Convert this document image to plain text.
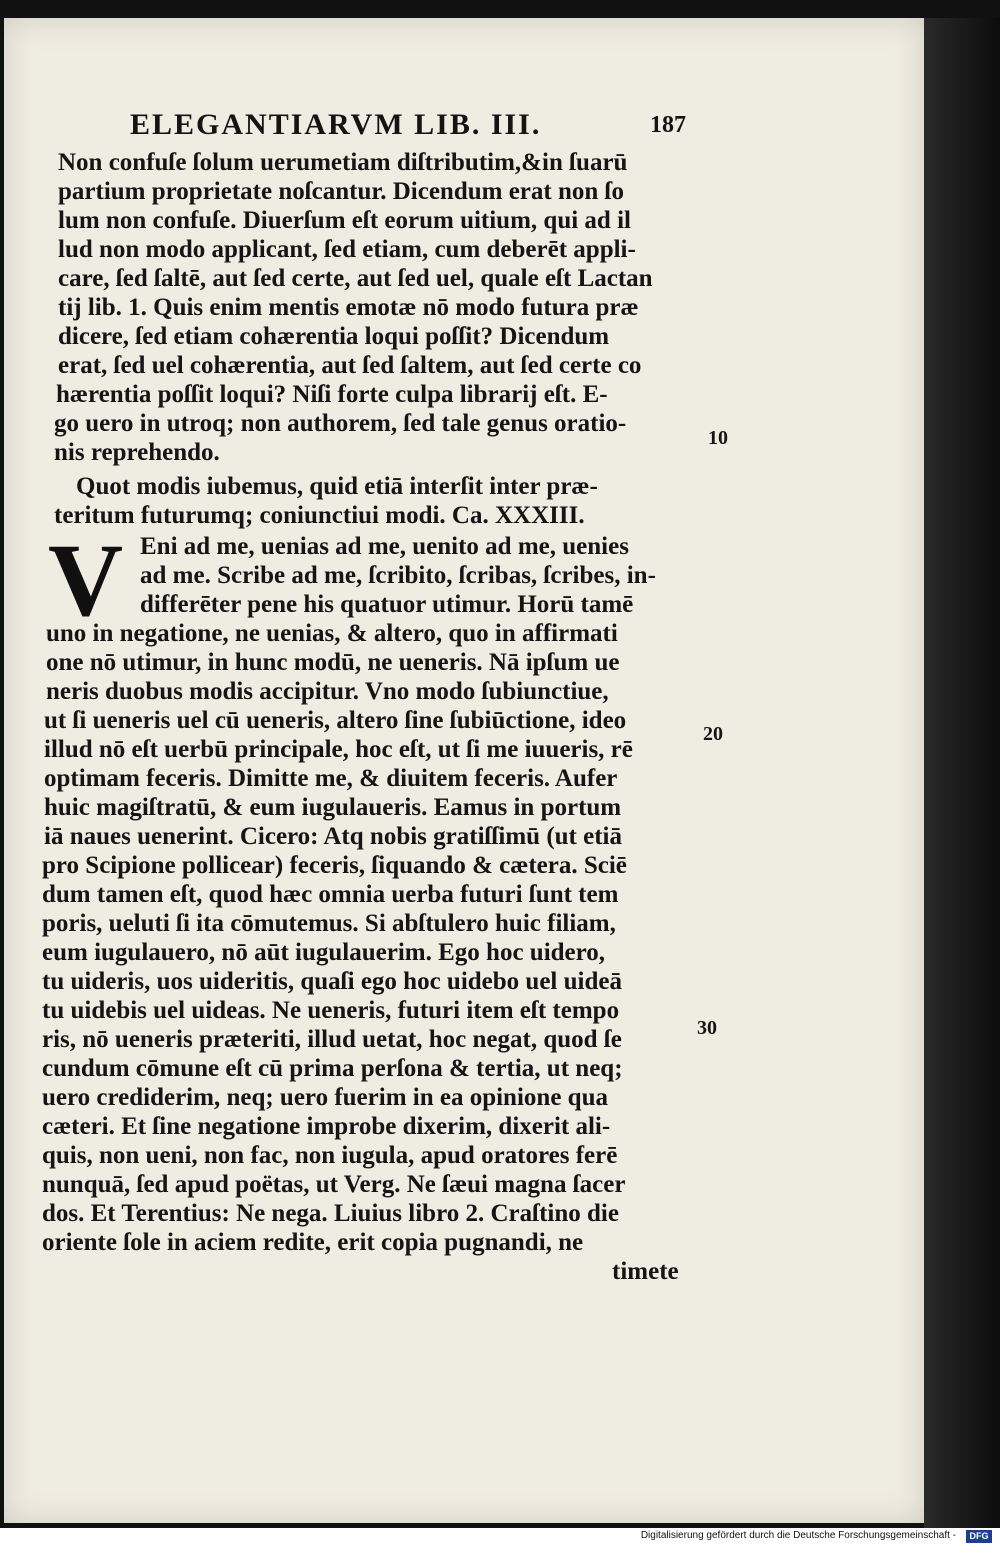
ELEGANTIARVM LIB. III.	187
Non confuſe ſolum uerumetiam diſtributim,&in ſuarū
partium proprietate noſcantur. Dicendum erat non ſo
lum non confuſe. Diuerſum eſt eorum uitium, qui ad il
lud non modo applicant, ſed etiam, cum deberēt appli-
care, ſed ſaltē, aut ſed certe, aut ſed uel, quale eſt Lactan
tij lib. 1. Quis enim mentis emotæ nō modo futura præ
dicere, ſed etiam cohærentia loqui poſſit? Dicendum
erat, ſed uel cohærentia, aut ſed ſaltem, aut ſed certe co
hærentia poſſit loqui? Niſi forte culpa librarij eſt. E-
go uero in utroq; non authorem, ſed tale genus oratio-
nis reprehendo.
Quot modis iubemus, quid etiā interſit inter præ-
teritum futurumq; coniunctiui modi. Ca. XXXIII.
Eni ad me, uenias ad me, uenito ad me, uenies
ad me. Scribe ad me, ſcribito, ſcribas, ſcribes, in-
differēter pene his quatuor utimur. Horū tamē
uno in negatione, ne uenias, & altero, quo in affirmati
one nō utimur, in hunc modū, ne ueneris. Nā ipſum ue
neris duobus modis accipitur. Vno modo ſubiunctiue,
ut ſi ueneris uel cū ueneris, altero ſine ſubiūctione, ideo
illud nō eſt uerbū principale, hoc eſt, ut ſi me iuueris, rē
optimam feceris. Dimitte me, & diuitem feceris. Aufer
huic magiſtratū, & eum iugulaueris. Eamus in portum
iā naues uenerint. Cicero: Atq nobis gratiſſimū (ut etiā
pro Scipione pollicear) feceris, ſiquando & cætera. Sciē
dum tamen eſt, quod hæc omnia uerba futuri ſunt tem
poris, ueluti ſi ita cōmutemus. Si abſtulero huic filiam,
eum iugulauero, nō aūt iugulauerim. Ego hoc uidero,
tu uideris, uos uideritis, quaſi ego hoc uidebo uel uideā
tu uidebis uel uideas. Ne ueneris, futuri item eſt tempo
ris, nō ueneris præteriti, illud uetat, hoc negat, quod ſe
cundum cōmune eſt cū prima perſona & tertia, ut neq;
uero crediderim, neq; uero fuerim in ea opinione qua
cæteri. Et ſine negatione improbe dixerim, dixerit ali-
quis, non ueni, non fac, non iugula, apud oratores ferē
nunquā, ſed apud poëtas, ut Verg. Ne ſæui magna ſacer
dos. Et Terentius: Ne nega. Liuius libro 2. Craſtino die
oriente ſole in aciem redite, erit copia pugnandi, ne
timete
V
10
20
30
Digitalisierung gefördert durch die Deutsche Forschungsgemeinschaft -	DFG
